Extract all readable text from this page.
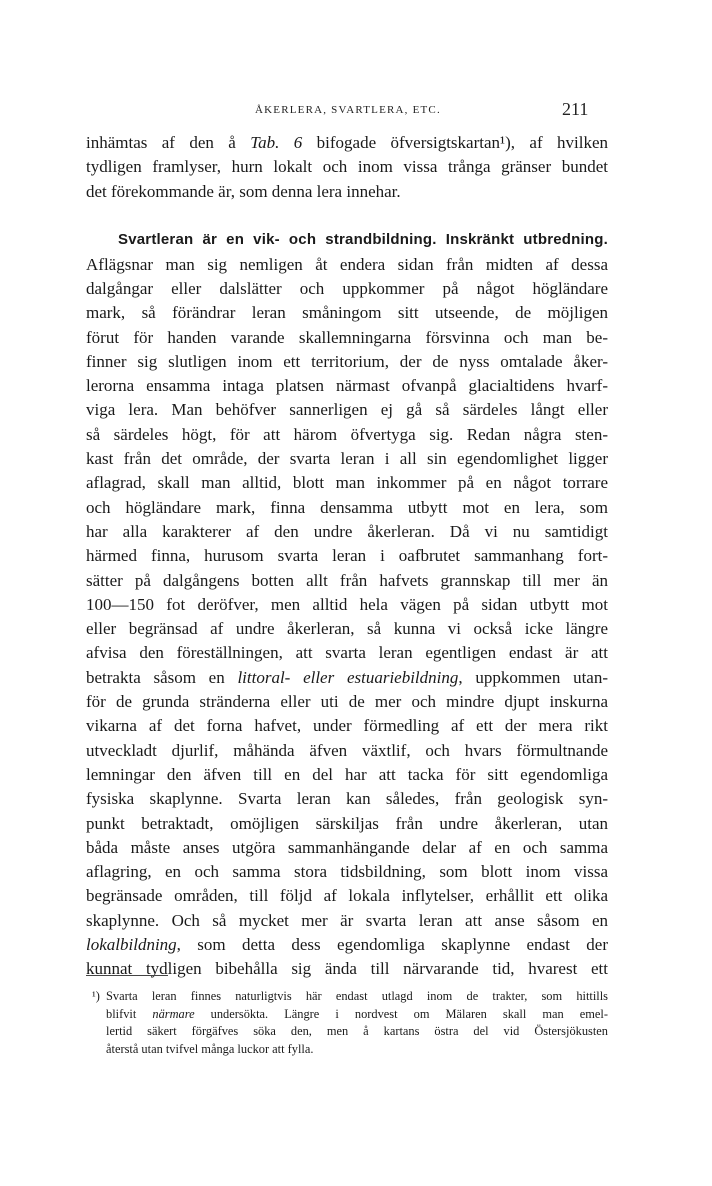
ÅKERLERA, SVARTLERA, ETC.	211
inhämtas af den å Tab. 6 bifogade öfversigtskartan¹), af hvilken
tydligen framlyser, hurn lokalt och inom vissa trånga gränser bundet
det förekommande är, som denna lera innehar.
Svartleran är en vik- och strandbildning. Inskränkt utbredning.
Aflägsnar man sig nemligen åt endera sidan från midten af dessa
dalgångar eller dalslätter och uppkommer på något högländare
mark, så förändrar leran småningom sitt utseende, de möjligen
förut för handen varande skallemningarna försvinna och man be-
finner sig slutligen inom ett territorium, der de nyss omtalade åker-
lerorna ensamma intaga platsen närmast ofvanpå glacialtidens hvarf-
viga lera. Man behöfver sannerligen ej gå så särdeles långt eller
så särdeles högt, för att härom öfvertyga sig. Redan några sten-
kast från det område, der svarta leran i all sin egendomlighet ligger
aflagrad, skall man alltid, blott man inkommer på en något torrare
och högländare mark, finna densamma utbytt mot en lera, som
har alla karakterer af den undre åkerleran. Då vi nu samtidigt
härmed finna, hurusom svarta leran i oafbrutet sammanhang fort-
sätter på dalgångens botten allt från hafvets grannskap till mer än
100—150 fot deröfver, men alltid hela vägen på sidan utbytt mot
eller begränsad af undre åkerleran, så kunna vi också icke längre
afvisa den föreställningen, att svarta leran egentligen endast är att
betrakta såsom en littoral- eller estuariebildning, uppkommen utan-
för de grunda stränderna eller uti de mer och mindre djupt inskurna
vikarna af det forna hafvet, under förmedling af ett der mera rikt
utveckladt djurlif, måhända äfven växtlif, och hvars förmultnande
lemningar den äfven till en del har att tacka för sitt egendomliga
fysiska skaplynne. Svarta leran kan således, från geologisk syn-
punkt betraktadt, omöjligen särskiljas från undre åkerleran, utan
båda måste anses utgöra sammanhängande delar af en och samma
aflagring, en och samma stora tidsbildning, som blott inom vissa
begränsade områden, till följd af lokala inflytelser, erhållit ett olika
skaplynne. Och så mycket mer är svarta leran att anse såsom en
lokalbildning, som detta dess egendomliga skaplynne endast der
kunnat tydligen bibehålla sig ända till närvarande tid, hvarest ett
¹) Svarta leran finnes naturligtvis här endast utlagd inom de trakter, som hittills
blifvit närmare undersökta. Längre i nordvest om Mälaren skall man emel-
lertid säkert förgäfves söka den, men å kartans östra del vid Östersjökusten
återstå utan tvifvel många luckor att fylla.
